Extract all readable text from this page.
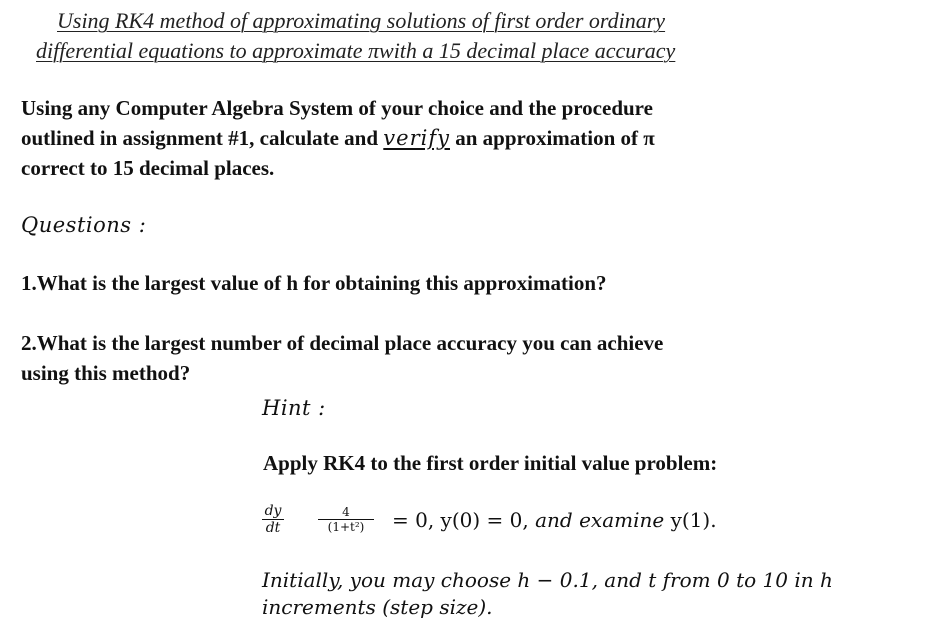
Using RK4 method of approximating solutions of first order ordinary
differential equations to approximate πwith a 15 decimal place accuracy
Using any Computer Algebra System of your choice and the procedure
outlined in assignment #1, calculate and verify an approximation of π
correct to 15 decimal places.
Questions :
1.What is the largest value of h for obtaining this approximation?
2.What is the largest number of decimal place accuracy you can achieve
using this method?
Hint :
Apply RK4 to the first order initial value problem:
$\frac{dy}{dt}$	$\frac{4}{\text{(1+t²)}} = 0$, y(0) = 0, and examine y(1).
Initially, you may choose h − 0.1, and t from 0 to 10 in h
increments (step size).
